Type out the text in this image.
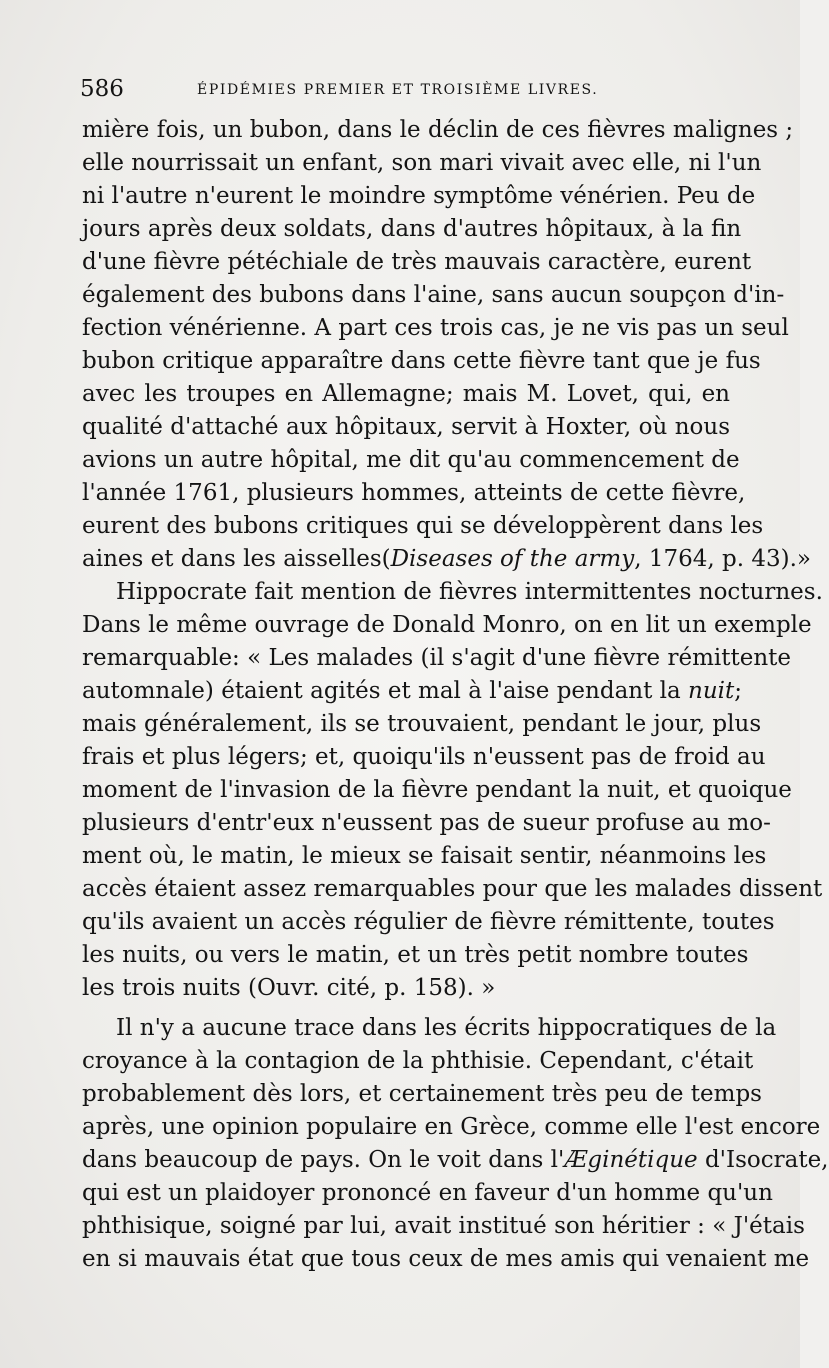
586	ÉPIDÉMIES PREMIER ET TROISIÈME LIVRES.
mière fois, un bubon, dans le déclin de ces fièvres malignes ;
elle nourrissait un enfant, son mari vivait avec elle, ni l'un
ni l'autre n'eurent le moindre symptôme vénérien. Peu de
jours après deux soldats, dans d'autres hôpitaux, à la fin
d'une fièvre pétéchiale de très mauvais caractère, eurent
également des bubons dans l'aine, sans aucun soupçon d'in-
fection vénérienne. A part ces trois cas, je ne vis pas un seul
bubon critique apparaître dans cette fièvre tant que je fus
avec les troupes en Allemagne; mais M. Lovet, qui, en
qualité d'attaché aux hôpitaux, servit à Hoxter, où nous
avions un autre hôpital, me dit qu'au commencement de
l'année 1761, plusieurs hommes, atteints de cette fièvre,
eurent des bubons critiques qui se développèrent dans les
aines et dans les aisselles(Diseases of the army, 1764, p. 43).»
Hippocrate fait mention de fièvres intermittentes nocturnes.
Dans le même ouvrage de Donald Monro, on en lit un exemple
remarquable: « Les malades (il s'agit d'une fièvre rémittente
automnale) étaient agités et mal à l'aise pendant la nuit;
mais généralement, ils se trouvaient, pendant le jour, plus
frais et plus légers; et, quoiqu'ils n'eussent pas de froid au
moment de l'invasion de la fièvre pendant la nuit, et quoique
plusieurs d'entr'eux n'eussent pas de sueur profuse au mo-
ment où, le matin, le mieux se faisait sentir, néanmoins les
accès étaient assez remarquables pour que les malades dissent
qu'ils avaient un accès régulier de fièvre rémittente, toutes
les nuits, ou vers le matin, et un très petit nombre toutes
les trois nuits (Ouvr. cité, p. 158). »
Il n'y a aucune trace dans les écrits hippocratiques de la
croyance à la contagion de la phthisie. Cependant, c'était
probablement dès lors, et certainement très peu de temps
après, une opinion populaire en Grèce, comme elle l'est encore
dans beaucoup de pays. On le voit dans l'Æginétique d'Isocrate,
qui est un plaidoyer prononcé en faveur d'un homme qu'un
phthisique, soigné par lui, avait institué son héritier : « J'étais
en si mauvais état que tous ceux de mes amis qui venaient me
